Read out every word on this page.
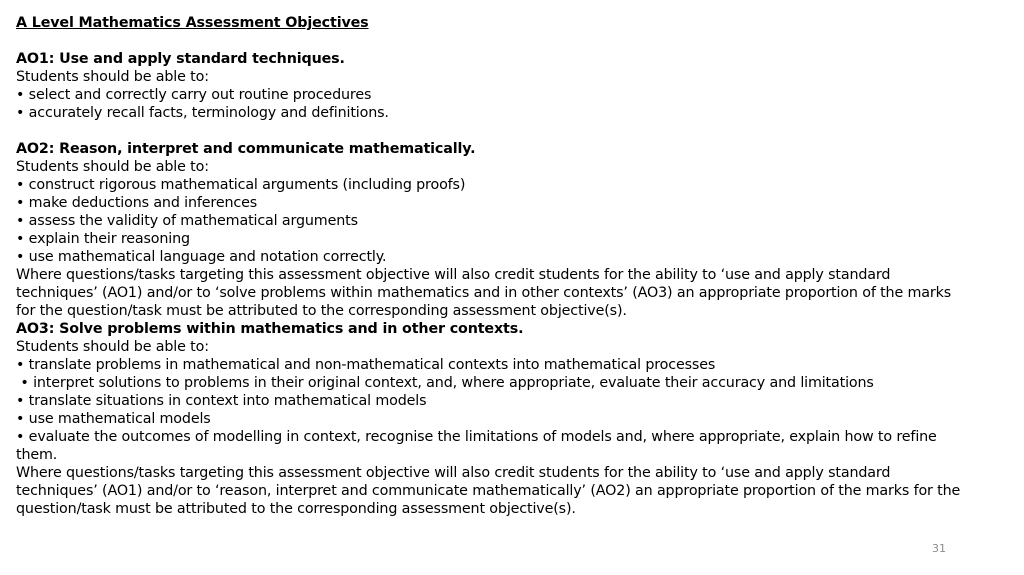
A Level Mathematics Assessment Objectives

AO1: Use and apply standard techniques.

Students should be able to:

• select and correctly carry out routine procedures

• accurately recall facts, terminology and definitions.

AO2: Reason, interpret and communicate mathematically.

Students should be able to:

• construct rigorous mathematical arguments (including proofs)

• make deductions and inferences

• assess the validity of mathematical arguments

• explain their reasoning

• use mathematical language and notation correctly.

Where questions/tasks targeting this assessment objective will also credit students for the ability to ‘use and apply standard techniques’ (AO1) and/or to ‘solve problems within mathematics and in other contexts’ (AO3) an appropriate proportion of the marks for the question/task must be attributed to the corresponding assessment objective(s).

AO3: Solve problems within mathematics and in other contexts.

Students should be able to:

• translate problems in mathematical and non-mathematical contexts into mathematical processes

• interpret solutions to problems in their original context, and, where appropriate, evaluate their accuracy and limitations

• translate situations in context into mathematical models

• use mathematical models

• evaluate the outcomes of modelling in context, recognise the limitations of models and, where appropriate, explain how to refine them.

Where questions/tasks targeting this assessment objective will also credit students for the ability to ‘use and apply standard techniques’ (AO1) and/or to ‘reason, interpret and communicate mathematically’ (AO2) an appropriate proportion of the marks for the question/task must be attributed to the corresponding assessment objective(s).

31
